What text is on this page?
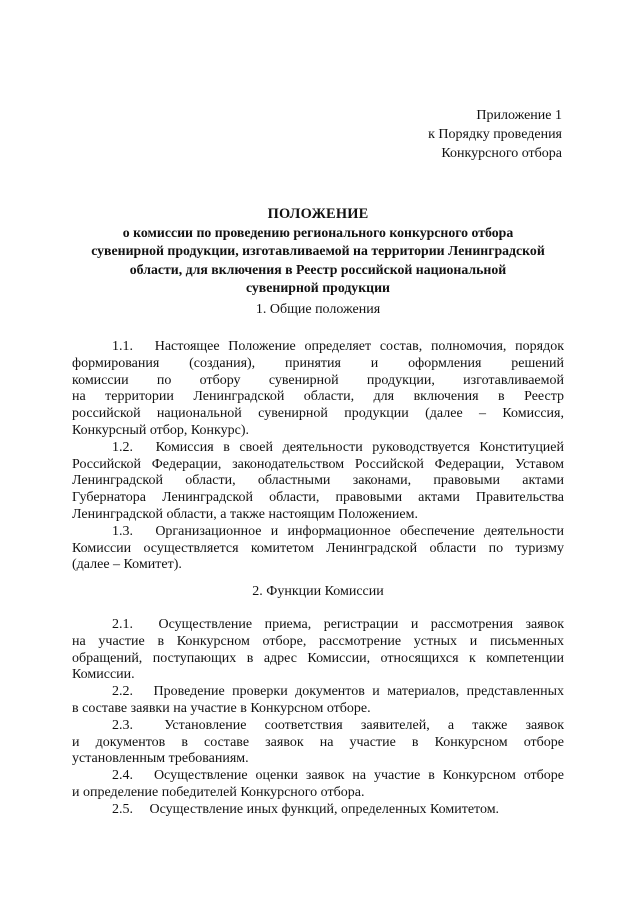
Приложение 1
к Порядку проведения
Конкурсного отбора
ПОЛОЖЕНИЕ
о комиссии по проведению регионального конкурсного отбора
сувенирной продукции, изготавливаемой на территории Ленинградской
области, для включения в Реестр российской национальной
сувенирной продукции
1. Общие положения
1.1. Настоящее Положение определяет состав, полномочия, порядок
формирования (создания), принятия и оформления решений
комиссии по отбору сувенирной продукции, изготавливаемой
на территории Ленинградской области, для включения в Реестр
российской национальной сувенирной продукции (далее – Комиссия,
Конкурсный отбор, Конкурс).
1.2. Комиссия в своей деятельности руководствуется Конституцией
Российской Федерации, законодательством Российской Федерации, Уставом
Ленинградской области, областными законами, правовыми актами
Губернатора Ленинградской области, правовыми актами Правительства
Ленинградской области, а также настоящим Положением.
1.3. Организационное и информационное обеспечение деятельности
Комиссии осуществляется комитетом Ленинградской области по туризму
(далее – Комитет).
2. Функции Комиссии
2.1. Осуществление приема, регистрации и рассмотрения заявок
на участие в Конкурсном отборе, рассмотрение устных и письменных
обращений, поступающих в адрес Комиссии, относящихся к компетенции
Комиссии.
2.2. Проведение проверки документов и материалов, представленных
в составе заявки на участие в Конкурсном отборе.
2.3. Установление соответствия заявителей, а также заявок
и документов в составе заявок на участие в Конкурсном отборе
установленным требованиям.
2.4. Осуществление оценки заявок на участие в Конкурсном отборе
и определение победителей Конкурсного отбора.
2.5. Осуществление иных функций, определенных Комитетом.
